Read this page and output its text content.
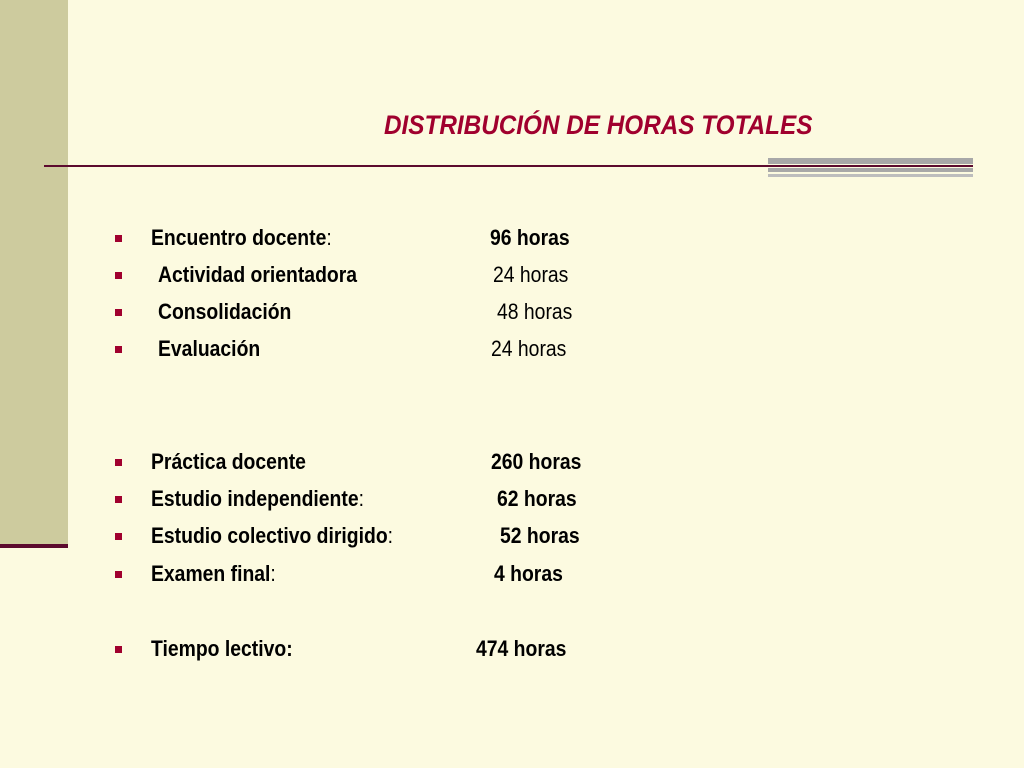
DISTRIBUCIÓN DE HORAS TOTALES
Encuentro docente:	96 horas
Actividad orientadora	24 horas
Consolidación	48 horas
Evaluación	24 horas
Práctica docente	260 horas
Estudio independiente:	62 horas
Estudio colectivo dirigido:	52 horas
Examen final:	4 horas
Tiempo lectivo:	474 horas
